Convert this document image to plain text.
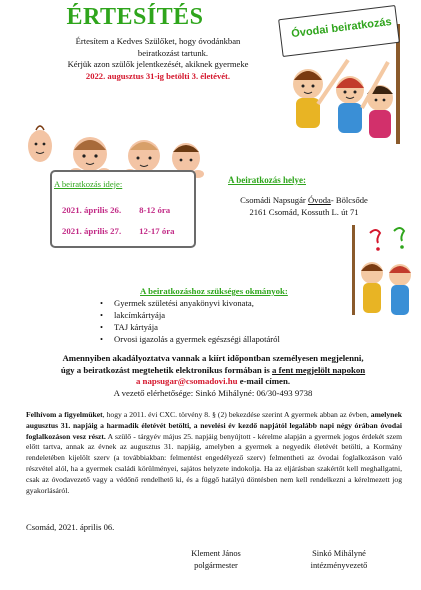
ÉRTESÍTÉS
Értesítem a Kedves Szülőket, hogy óvodánkban
beiratkozást tartunk.
Kérjük azon szülők jelentkezését, akiknek gyermeke
2022. augusztus 31-ig betölti 3. életévét.
Óvodai beiratkozás
A beiratkozás ideje:
2021. április 26. 8-12 óra
2021. április 27. 12-17 óra
A beiratkozás helye:
Csomádi Napsugár Óvoda- Bölcsőde
2161 Csomád, Kossuth L. út 71
A beiratkozáshoz szükséges okmányok:
• Gyermek születési anyakönyvi kivonata,
• lakcímkártyája
• TAJ kártyája
• Orvosi igazolás a gyermek egészségi állapotáról
Amennyiben akadályoztatva vannak a kiírt időpontban személyesen megjelenni,
úgy a beiratkozást megtehetik elektronikus formában is a fent megjelölt napokon
a napsugar@csomadovi.hu e-mail címen.
A vezető elérhetősége: Sinkó Mihályné: 06/30-493 9738
Felhívom a figyelmüket, hogy a 2011. évi CXC. törvény 8. § (2) bekezdése szerint A gyermek abban az évben, amelynek augusztus 31. napjáig a harmadik életévét betölti, a nevelési év kezdő napjától legalább napi négy órában óvodai foglalkozáson vesz részt. A szülő - tárgyév május 25. napjáig benyújtott - kérelme alapján a gyermek jogos érdekét szem előtt tartva, annak az évnek az augusztus 31. napjáig, amelyben a gyermek a negyedik életévét betölti, a Kormány rendeletében kijelölt szerv (a továbbiakban: felmentést engedélyező szerv) felmentheti az óvodai foglalkozáson való részvétel alól, ha a gyermek családi körülményei, sajátos helyzete indokolja. Ha az eljárásban szakértőt kell meghallgatni, csak az óvodavezető vagy a védőnő rendelhető ki, és a függő hatályú döntésben nem kell rendelkezni a kérelmezett jog gyakorlásáról.
Csomád, 2021. április 06.
Klement János
polgármester
Sinkó Mihályné
intézményvezető
